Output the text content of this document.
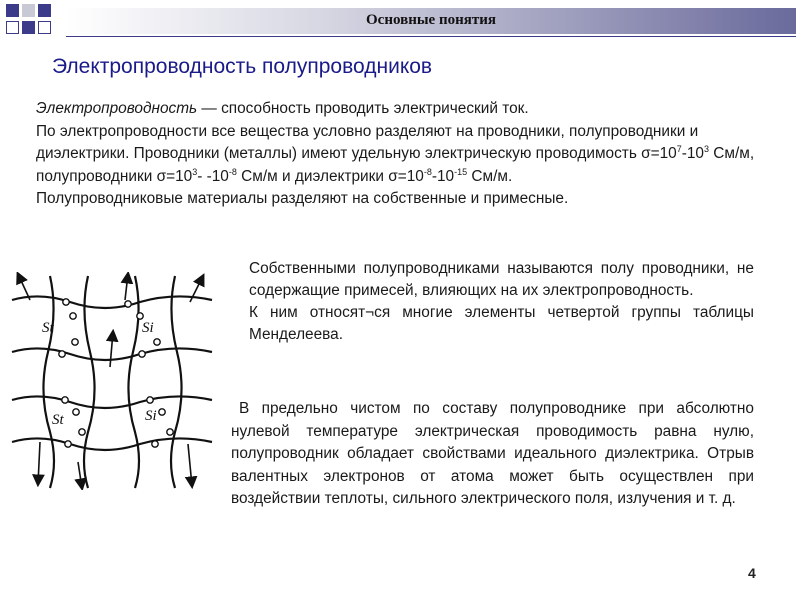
Основные понятия
Электропроводность полупроводников

Электропроводность — способность проводить электрический ток.

По электропроводности все вещества условно разделяют на проводники, полупроводники и диэлектрики. Проводники (металлы) имеют удельную электрическую проводимость $\sigma=10^7-10^3$ См/м, полупроводники $\sigma=10^3-$ $-10^{-8}$ См/м и диэлектрики $\sigma=10^{-8}-10^{-15}$ См/м.

Полупроводниковые материалы разделяют на собственные и примесные.

St	Si
St	Si

Собственными полупроводниками называются полу проводники, не содержащие примесей, влияющих на их электропроводность.

К ним относят¬ся многие элементы четвертой группы таблицы Менделеева.

В предельно чистом по составу полупроводнике при абсолютно нулевой температуре электрическая проводимость равна нулю, полупроводник обладает свойствами идеального диэлектрика. Отрыв валентных электронов от атома может быть осуществлен при воздействии теплоты, сильного электрического поля, излучения и т. д.

4
